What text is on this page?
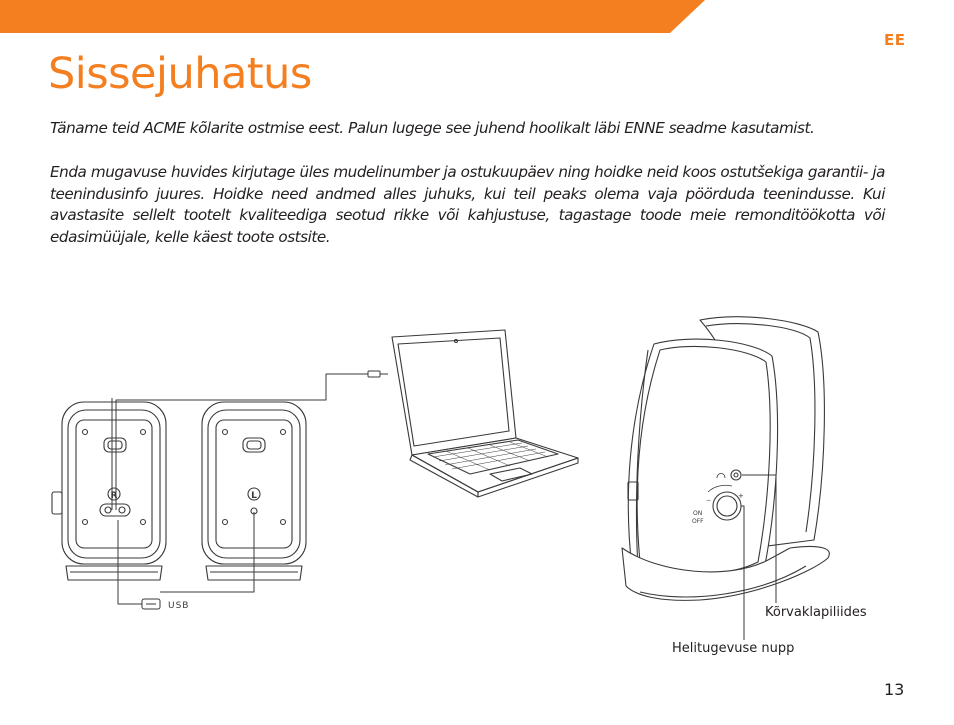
EE
Sissejuhatus

Täname teid ACME kõlarite ostmise eest. Palun lugege see juhend hoolikalt läbi ENNE seadme kasutamist.

Enda mugavuse huvides kirjutage üles mudelinumber ja ostukuupäev ning hoidke neid koos ostutšekiga garantii- ja teenindusinfo juures. Hoidke need andmed alles juhuks, kui teil peaks olema vaja pöörduda teenindusse. Kui avastasite sellelt tootelt kvaliteediga seotud rikke või kahjustuse, tagastage toode meie remonditöökotta või edasimüüjale, kelle käest toote ostsite.

R	L
USB
−
+
ON
OFF
Kõrvaklapiliides
Helitugevuse nupp
13
